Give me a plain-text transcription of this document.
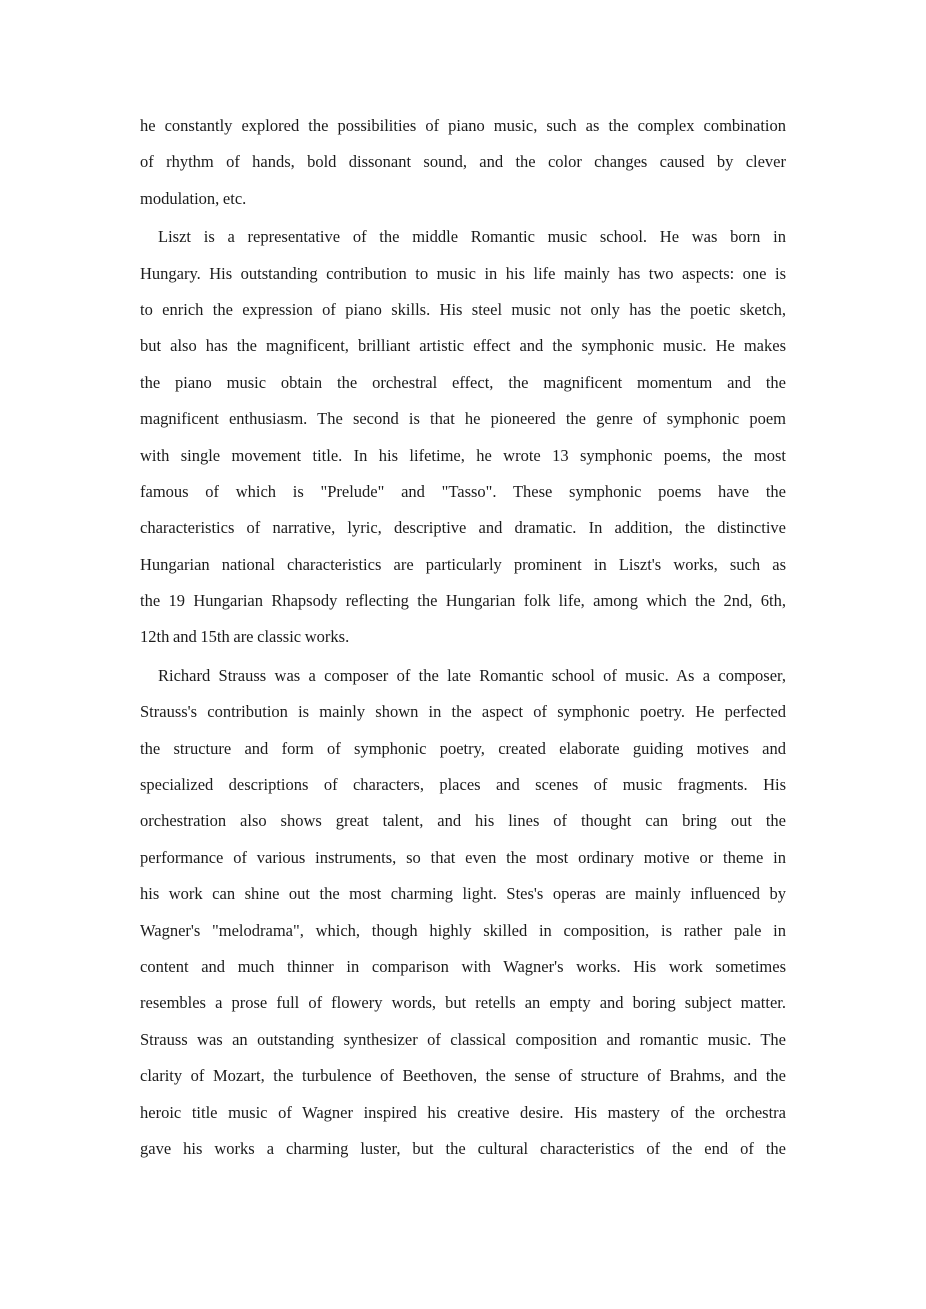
he constantly explored the possibilities of piano music, such as the complex combination
of rhythm of hands, bold dissonant sound, and the color changes caused by clever
modulation, etc.
Liszt is a representative of the middle Romantic music school. He was born in
Hungary. His outstanding contribution to music in his life mainly has two aspects: one is
to enrich the expression of piano skills. His steel music not only has the poetic sketch,
but also has the magnificent, brilliant artistic effect and the symphonic music. He makes
the piano music obtain the orchestral effect, the magnificent momentum and the
magnificent enthusiasm. The second is that he pioneered the genre of symphonic poem
with single movement title. In his lifetime, he wrote 13 symphonic poems, the most
famous of which is "Prelude" and "Tasso". These symphonic poems have the
characteristics of narrative, lyric, descriptive and dramatic. In addition, the distinctive
Hungarian national characteristics are particularly prominent in Liszt's works, such as
the 19 Hungarian Rhapsody reflecting the Hungarian folk life, among which the 2nd, 6th,
12th and 15th are classic works.
Richard Strauss was a composer of the late Romantic school of music. As a composer,
Strauss's contribution is mainly shown in the aspect of symphonic poetry. He perfected
the structure and form of symphonic poetry, created elaborate guiding motives and
specialized descriptions of characters, places and scenes of music fragments. His
orchestration also shows great talent, and his lines of thought can bring out the
performance of various instruments, so that even the most ordinary motive or theme in
his work can shine out the most charming light. Stes's operas are mainly influenced by
Wagner's "melodrama", which, though highly skilled in composition, is rather pale in
content and much thinner in comparison with Wagner's works. His work sometimes
resembles a prose full of flowery words, but retells an empty and boring subject matter.
Strauss was an outstanding synthesizer of classical composition and romantic music. The
clarity of Mozart, the turbulence of Beethoven, the sense of structure of Brahms, and the
heroic title music of Wagner inspired his creative desire. His mastery of the orchestra
gave his works a charming luster, but the cultural characteristics of the end of the
